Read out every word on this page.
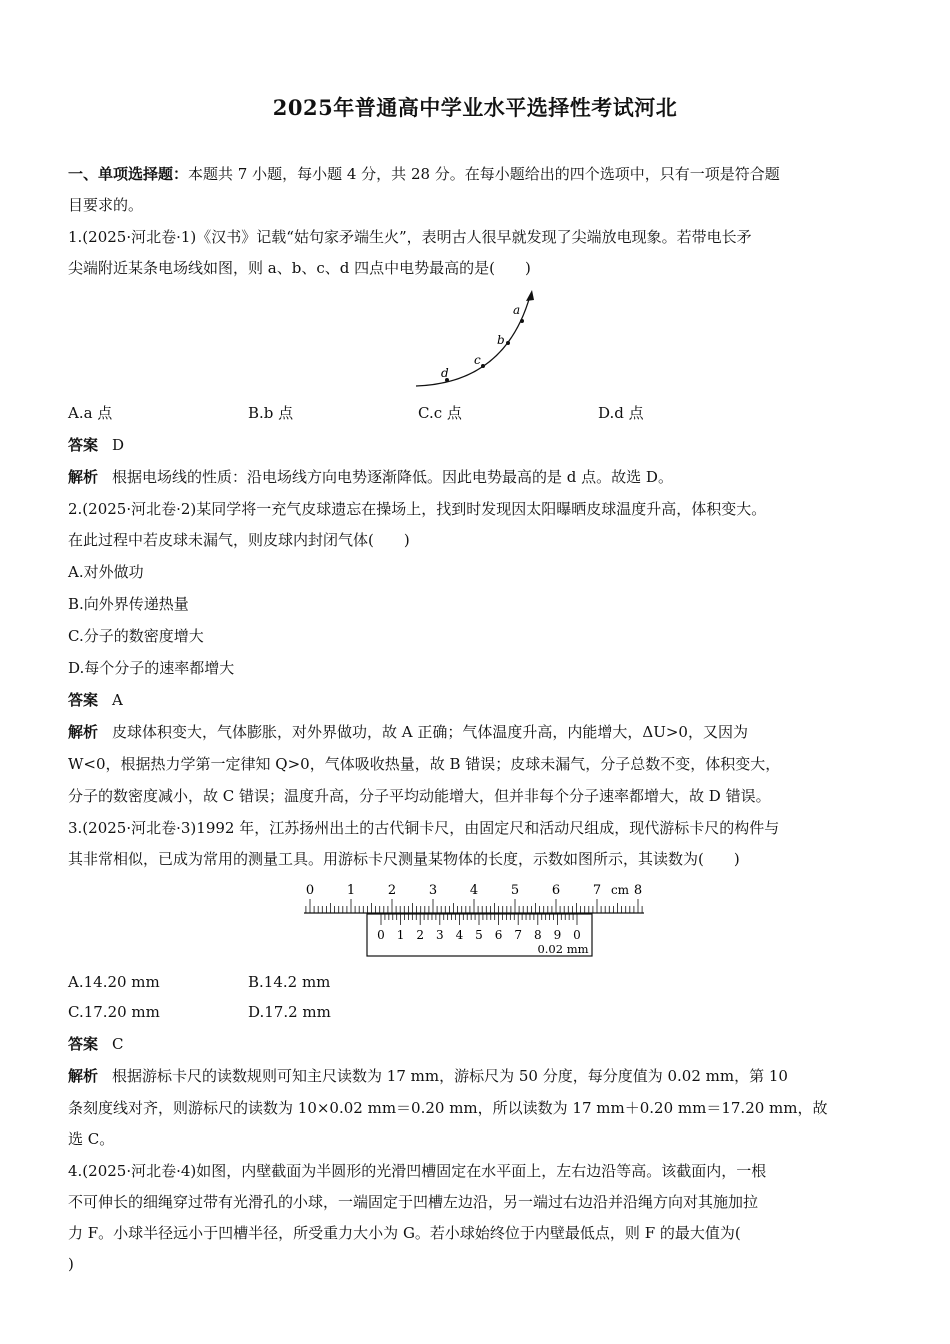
2025年普通高中学业水平选择性考试河北
一、单项选择题：本题共 7 小题，每小题 4 分，共 28 分。在每小题给出的四个选项中，只有一项是符合题
目要求的。
1.(2025·河北卷·1)《汉书》记载“姑句家矛端生火”，表明古人很早就发现了尖端放电现象。若带电长矛
尖端附近某条电场线如图，则 a、b、c、d 四点中电势最高的是(　　)
a
b
c
d
A.a 点	B.b 点	C.c 点	D.d 点
答案 D
解析 根据电场线的性质：沿电场线方向电势逐渐降低。因此电势最高的是 d 点。故选 D。
2.(2025·河北卷·2)某同学将一充气皮球遗忘在操场上，找到时发现因太阳曝晒皮球温度升高，体积变大。
在此过程中若皮球未漏气，则皮球内封闭气体(　　)
A.对外做功
B.向外界传递热量
C.分子的数密度增大
D.每个分子的速率都增大
答案 A
解析 皮球体积变大，气体膨胀，对外界做功，故 A 正确；气体温度升高，内能增大，ΔU>0，又因为
W<0，根据热力学第一定律知 Q>0，气体吸收热量，故 B 错误；皮球未漏气，分子总数不变，体积变大，
分子的数密度减小，故 C 错误；温度升高，分子平均动能增大，但并非每个分子速率都增大，故 D 错误。
3.(2025·河北卷·3)1992 年，江苏扬州出土的古代铜卡尺，由固定尺和活动尺组成，现代游标卡尺的构件与
其非常相似，已成为常用的测量工具。用游标卡尺测量某物体的长度，示数如图所示，其读数为(　　)
0	1	2	3	4	5	6	7 cm 8
0 1 2 3 4 5 6 7 8 9 0
0.02 mm
A.14.20 mm	B.14.2 mm
C.17.20 mm	D.17.2 mm
答案 C
解析 根据游标卡尺的读数规则可知主尺读数为 17 mm，游标尺为 50 分度，每分度值为 0.02 mm，第 10
条刻度线对齐，则游标尺的读数为 10×0.02 mm＝0.20 mm，所以读数为 17 mm＋0.20 mm＝17.20 mm，故
选 C。
4.(2025·河北卷·4)如图，内壁截面为半圆形的光滑凹槽固定在水平面上，左右边沿等高。该截面内，一根
不可伸长的细绳穿过带有光滑孔的小球，一端固定于凹槽左边沿，另一端过右边沿并沿绳方向对其施加拉
力 F。小球半径远小于凹槽半径，所受重力大小为 G。若小球始终位于内壁最低点，则 F 的最大值为(
)
